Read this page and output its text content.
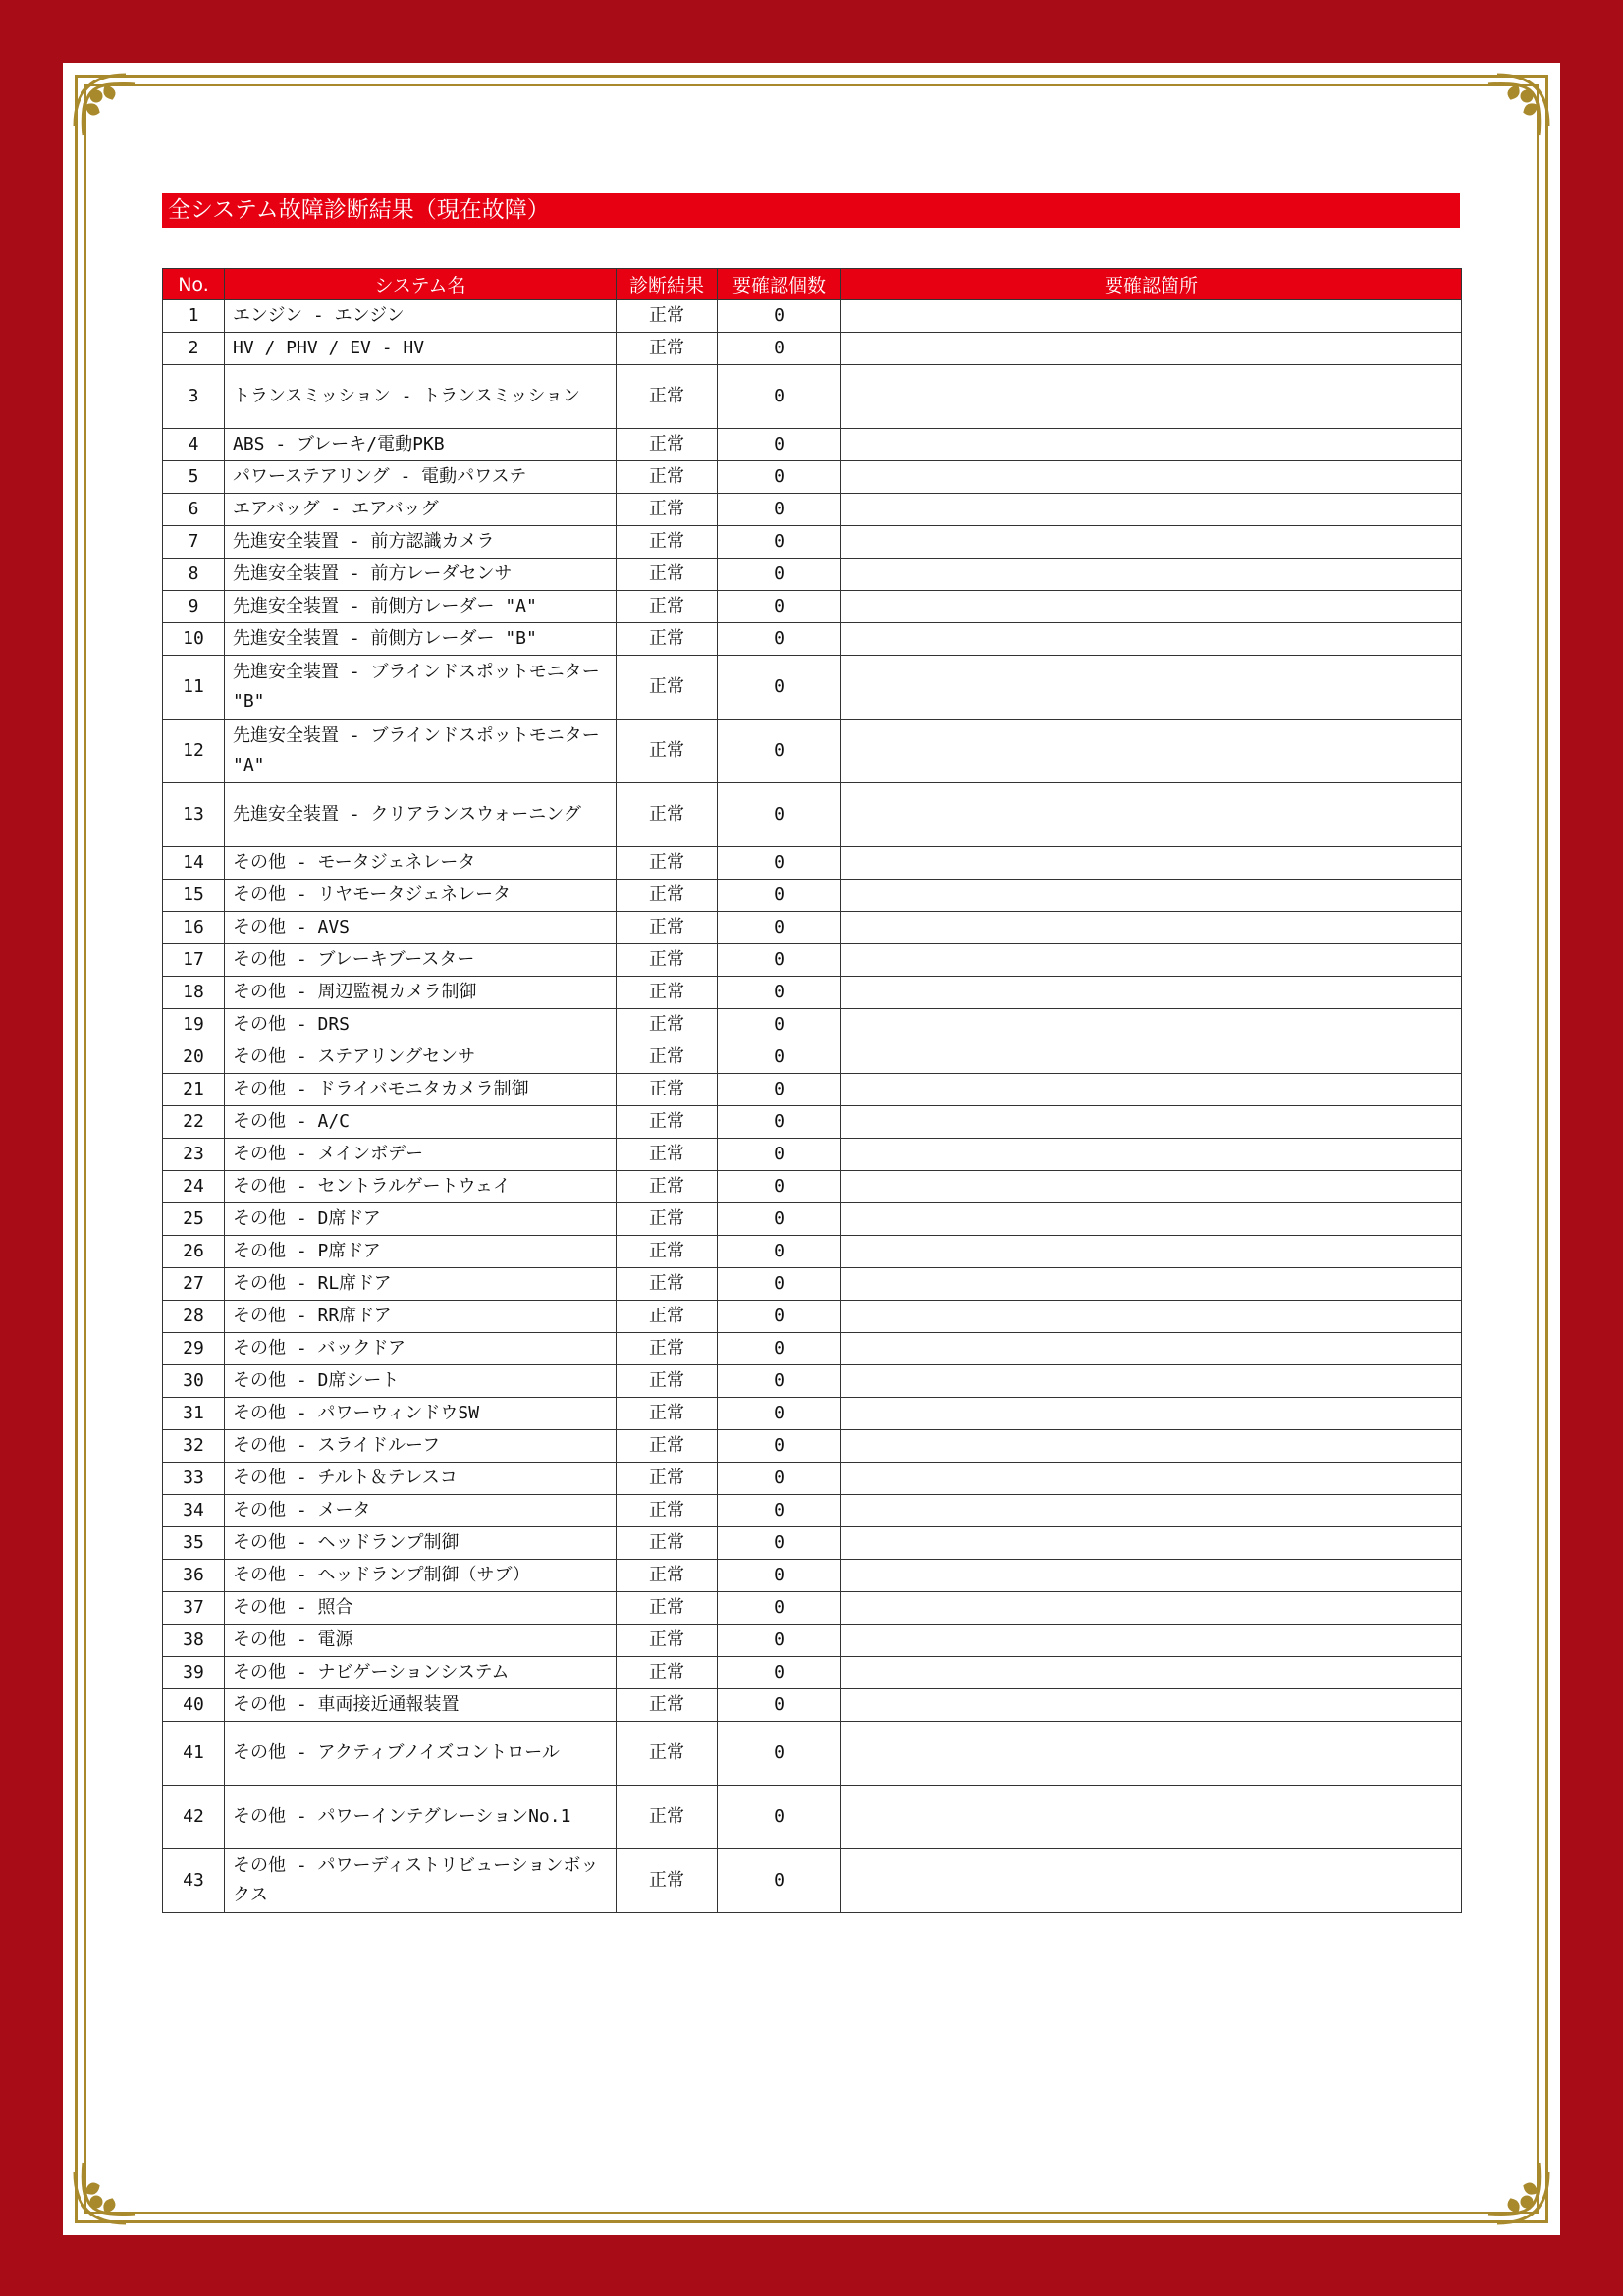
全システム故障診断結果（現在故障）
No.	システム名	診断結果	要確認個数	要確認箇所
1	エンジン - エンジン	正常	0	
2	HV / PHV / EV - HV	正常	0	
3	トランスミッション - トランスミッション	正常	0	
4	ABS - ブレーキ/電動PKB	正常	0	
5	パワーステアリング - 電動パワステ	正常	0	
6	エアバッグ - エアバッグ	正常	0	
7	先進安全装置 - 前方認識カメラ	正常	0	
8	先進安全装置 - 前方レーダセンサ	正常	0	
9	先進安全装置 - 前側方レーダー "A"	正常	0	
10	先進安全装置 - 前側方レーダー "B"	正常	0	
11	先進安全装置 - ブラインドスポットモニター "B"	正常	0	
12	先進安全装置 - ブラインドスポットモニター "A"	正常	0	
13	先進安全装置 - クリアランスウォーニング	正常	0	
14	その他 - モータジェネレータ	正常	0	
15	その他 - リヤモータジェネレータ	正常	0	
16	その他 - AVS	正常	0	
17	その他 - ブレーキブースター	正常	0	
18	その他 - 周辺監視カメラ制御	正常	0	
19	その他 - DRS	正常	0	
20	その他 - ステアリングセンサ	正常	0	
21	その他 - ドライバモニタカメラ制御	正常	0	
22	その他 - A/C	正常	0	
23	その他 - メインボデー	正常	0	
24	その他 - セントラルゲートウェイ	正常	0	
25	その他 - D席ドア	正常	0	
26	その他 - P席ドア	正常	0	
27	その他 - RL席ドア	正常	0	
28	その他 - RR席ドア	正常	0	
29	その他 - バックドア	正常	0	
30	その他 - D席シート	正常	0	
31	その他 - パワーウィンドウSW	正常	0	
32	その他 - スライドルーフ	正常	0	
33	その他 - チルト＆テレスコ	正常	0	
34	その他 - メータ	正常	0	
35	その他 - ヘッドランプ制御	正常	0	
36	その他 - ヘッドランプ制御（サブ）	正常	0	
37	その他 - 照合	正常	0	
38	その他 - 電源	正常	0	
39	その他 - ナビゲーションシステム	正常	0	
40	その他 - 車両接近通報装置	正常	0	
41	その他 - アクティブノイズコントロール	正常	0	
42	その他 - パワーインテグレーションNo.1	正常	0	
43	その他 - パワーディストリビューションボックス	正常	0	
